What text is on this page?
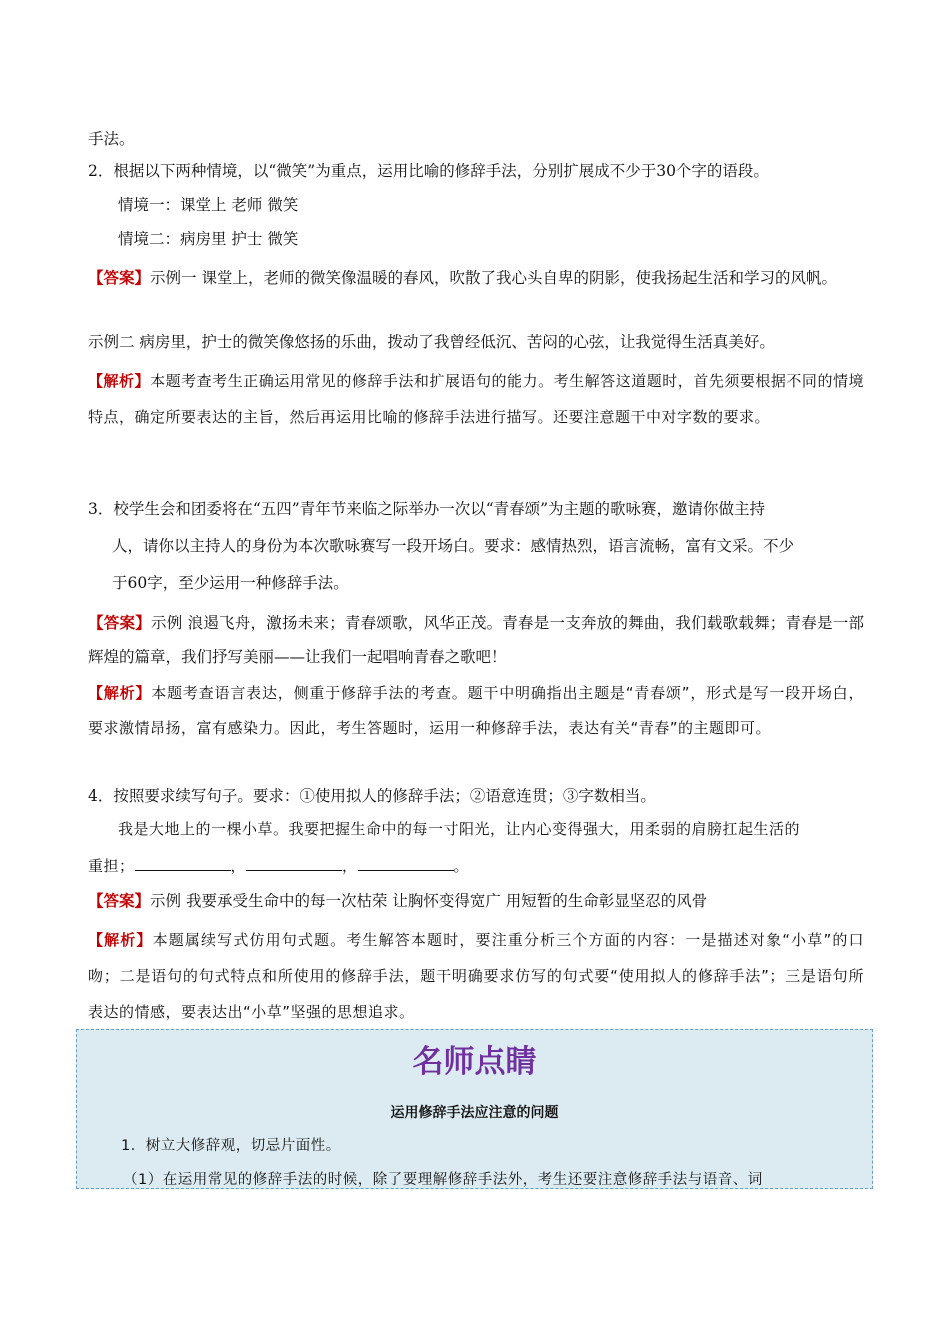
手法。
2．根据以下两种情境，以“微笑”为重点，运用比喻的修辞手法，分别扩展成不少于30个字的语段。
情境一：课堂上 老师 微笑
情境二：病房里 护士 微笑
【答案】示例一 课堂上，老师的微笑像温暖的春风，吹散了我心头自卑的阴影，使我扬起生活和学习的风帆。
示例二 病房里，护士的微笑像悠扬的乐曲，拨动了我曾经低沉、苦闷的心弦，让我觉得生活真美好。
【解析】本题考查考生正确运用常见的修辞手法和扩展语句的能力。考生解答这道题时，首先须要根据不同的情境特点，确定所要表达的主旨，然后再运用比喻的修辞手法进行描写。还要注意题干中对字数的要求。
3．校学生会和团委将在“五四”青年节来临之际举办一次以“青春颂”为主题的歌咏赛，邀请你做主持
人，请你以主持人的身份为本次歌咏赛写一段开场白。要求：感情热烈，语言流畅，富有文采。不少
于60字，至少运用一种修辞手法。
【答案】示例 浪遏飞舟，激扬未来；青春颂歌，风华正茂。青春是一支奔放的舞曲，我们载歌载舞；青春是一部辉煌的篇章，我们抒写美丽——让我们一起唱响青春之歌吧！
【解析】本题考查语言表达，侧重于修辞手法的考查。题干中明确指出主题是“青春颂”，形式是写一段开场白，要求激情昂扬，富有感染力。因此，考生答题时，运用一种修辞手法，表达有关“青春”的主题即可。
4．按照要求续写句子。要求：①使用拟人的修辞手法；②语意连贯；③字数相当。
我是大地上的一棵小草。我要把握生命中的每一寸阳光，让内心变得强大，用柔弱的肩膀扛起生活的
重担；	，	，	。
【答案】示例 我要承受生命中的每一次枯荣 让胸怀变得宽广 用短暂的生命彰显坚忍的风骨
【解析】本题属续写式仿用句式题。考生解答本题时，要注重分析三个方面的内容：一是描述对象“小草”的口吻；二是语句的句式特点和所使用的修辞手法，题干明确要求仿写的句式要“使用拟人的修辞手法”；三是语句所表达的情感，要表达出“小草”坚强的思想追求。
名师点睛
运用修辞手法应注意的问题
1．树立大修辞观，切忌片面性。
（1）在运用常见的修辞手法的时候，除了要理解修辞手法外，考生还要注意修辞手法与语音、词
